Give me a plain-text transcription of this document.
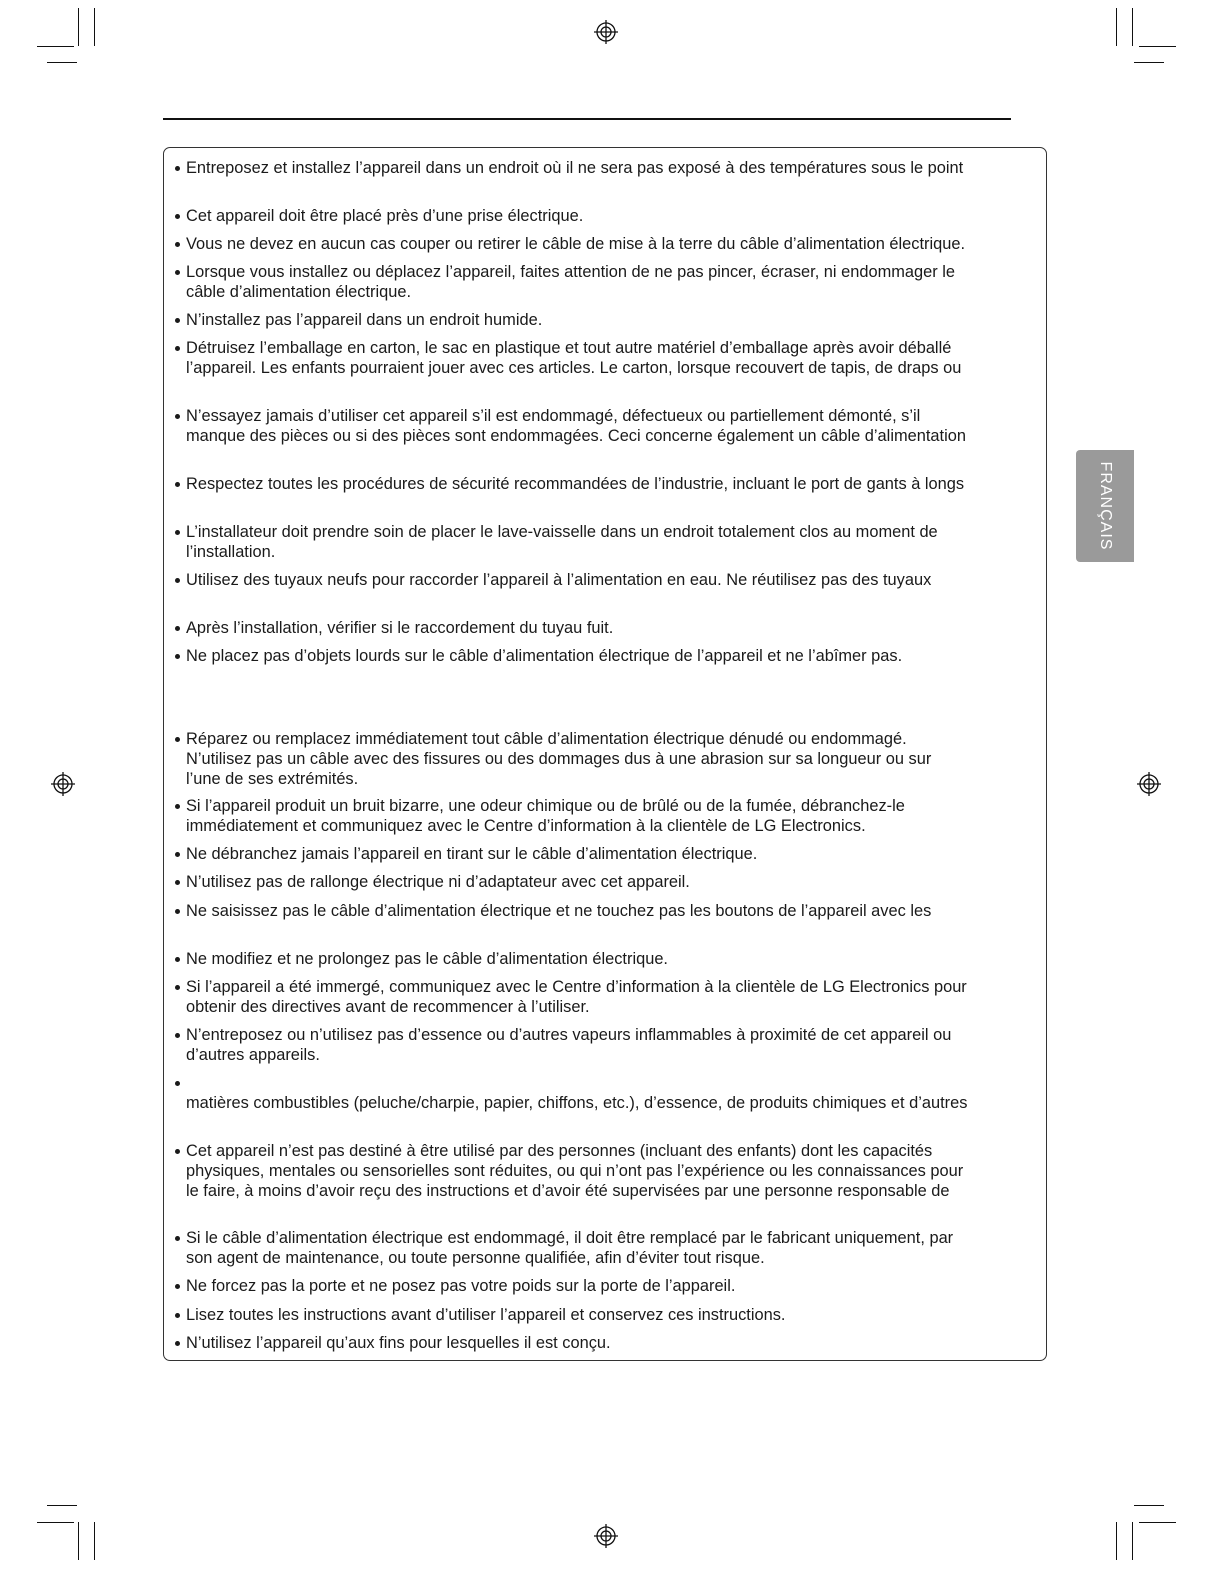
Entreposez et installez l’appareil dans un endroit où il ne sera pas exposé à des températures sous le point
Cet appareil doit être placé près d’une prise électrique.
Vous ne devez en aucun cas couper ou retirer le câble de mise à la terre du câble d’alimentation électrique.
Lorsque vous installez ou déplacez l’appareil, faites attention de ne pas pincer, écraser, ni endommager le
câble d’alimentation électrique.
N’installez pas l’appareil dans un endroit humide.
Détruisez l’emballage en carton, le sac en plastique et tout autre matériel d’emballage après avoir déballé
l’appareil. Les enfants pourraient jouer avec ces articles. Le carton, lorsque recouvert de tapis, de draps ou
N’essayez jamais d’utiliser cet appareil s’il est endommagé, défectueux ou partiellement démonté, s’il
manque des pièces ou si des pièces sont endommagées. Ceci concerne également un câble d’alimentation
Respectez toutes les procédures de sécurité recommandées de l’industrie, incluant le port de gants à longs
L’installateur doit prendre soin de placer le lave-vaisselle dans un endroit totalement clos au moment de
l’installation.
Utilisez des tuyaux neufs pour raccorder l’appareil à l’alimentation en eau. Ne réutilisez pas des tuyaux
Après l’installation, vérifier si le raccordement du tuyau fuit.
Ne placez pas d’objets lourds sur le câble d’alimentation électrique de l’appareil et ne l’abîmer pas.
Réparez ou remplacez immédiatement tout câble d’alimentation électrique dénudé ou endommagé.
N’utilisez pas un câble avec des fissures ou des dommages dus à une abrasion sur sa longueur ou sur
l’une de ses extrémités.
Si l’appareil produit un bruit bizarre, une odeur chimique ou de brûlé ou de la fumée, débranchez-le
immédiatement et communiquez avec le Centre d’information à la clientèle de LG Electronics.
Ne débranchez jamais l’appareil en tirant sur le câble d’alimentation électrique.
N’utilisez pas de rallonge électrique ni d’adaptateur avec cet appareil.
Ne saisissez pas le câble d’alimentation électrique et ne touchez pas les boutons de l’appareil avec les
Ne modifiez et ne prolongez pas le câble d’alimentation électrique.
Si l’appareil a été immergé, communiquez avec le Centre d’information à la clientèle de LG Electronics pour
obtenir des directives avant de recommencer à l’utiliser.
N’entreposez ou n’utilisez pas d’essence ou d’autres vapeurs inflammables à proximité de cet appareil ou
d’autres appareils.
matières combustibles (peluche/charpie, papier, chiffons, etc.), d’essence, de produits chimiques et d’autres
Cet appareil n’est pas destiné à être utilisé par des personnes (incluant des enfants) dont les capacités
physiques, mentales ou sensorielles sont réduites, ou qui n’ont pas l’expérience ou les connaissances pour
le faire, à moins d’avoir reçu des instructions et d’avoir été supervisées par une personne responsable de
Si le câble d’alimentation électrique est endommagé, il doit être remplacé par le fabricant uniquement, par
son agent de maintenance, ou toute personne qualifiée, afin d’éviter tout risque.
Ne forcez pas la porte et ne posez pas votre poids sur la porte de l’appareil.
Lisez toutes les instructions avant d’utiliser l’appareil et conservez ces instructions.
N’utilisez l’appareil qu’aux fins pour lesquelles il est conçu.
FRANÇAIS
